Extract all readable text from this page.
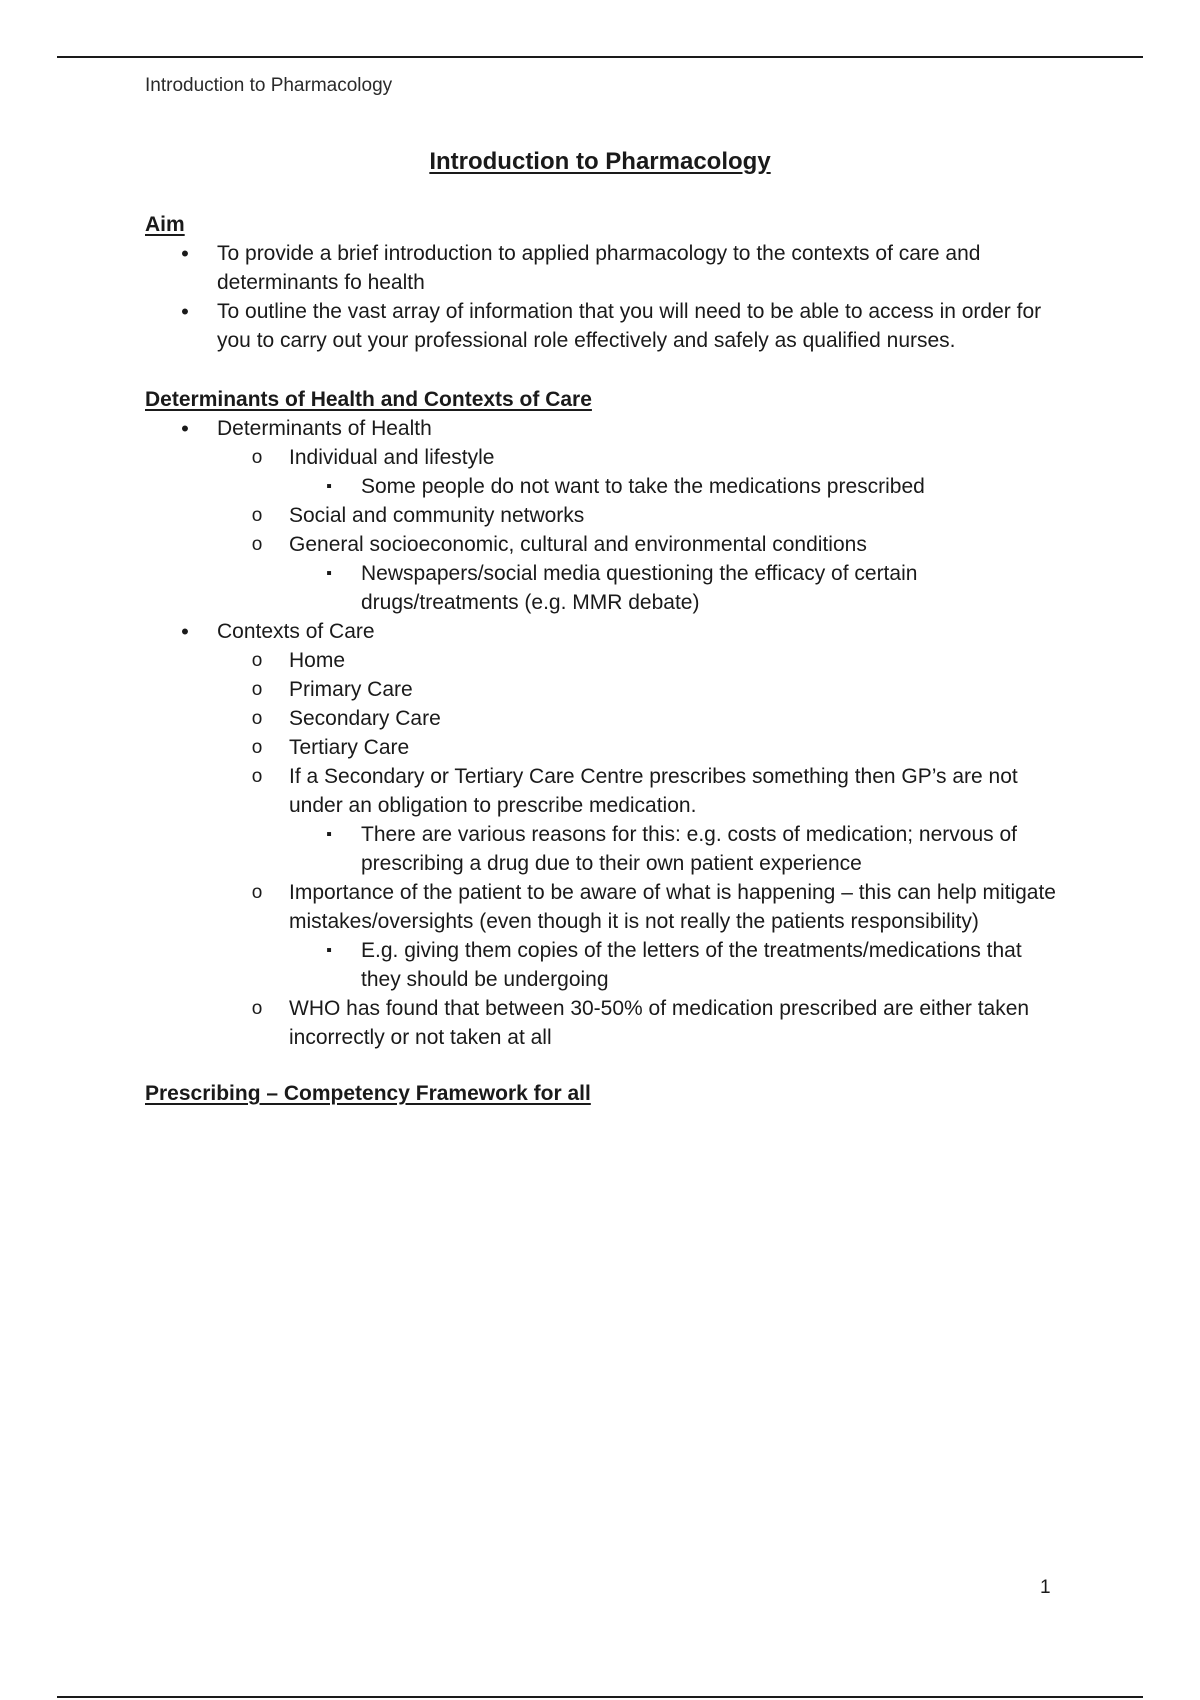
Introduction to Pharmacology
Introduction to Pharmacology

Aim

• To provide a brief introduction to applied pharmacology to the contexts of care and determinants fo health
• To outline the vast array of information that you will need to be able to access in order for you to carry out your professional role effectively and safely as qualified nurses.

Determinants of Health and Contexts of Care

• Determinants of Health
o Individual and lifestyle
▪	Some people do not want to take the medications prescribed
o Social and community networks
o General socioeconomic, cultural and environmental conditions
▪	Newspapers/social media questioning the efficacy of certain drugs/treatments (e.g. MMR debate)
• Contexts of Care
o Home
o Primary Care
o Secondary Care
o Tertiary Care
o If a Secondary or Tertiary Care Centre prescribes something then GP’s are not under an obligation to prescribe medication.
▪	There are various reasons for this: e.g. costs of medication; nervous of prescribing a drug due to their own patient experience
o Importance of the patient to be aware of what is happening – this can help mitigate mistakes/oversights (even though it is not really the patients responsibility)
▪	E.g. giving them copies of the letters of the treatments/medications that they should be undergoing
o WHO has found that between 30-50% of medication prescribed are either taken incorrectly or not taken at all

Prescribing – Competency Framework for all

1
